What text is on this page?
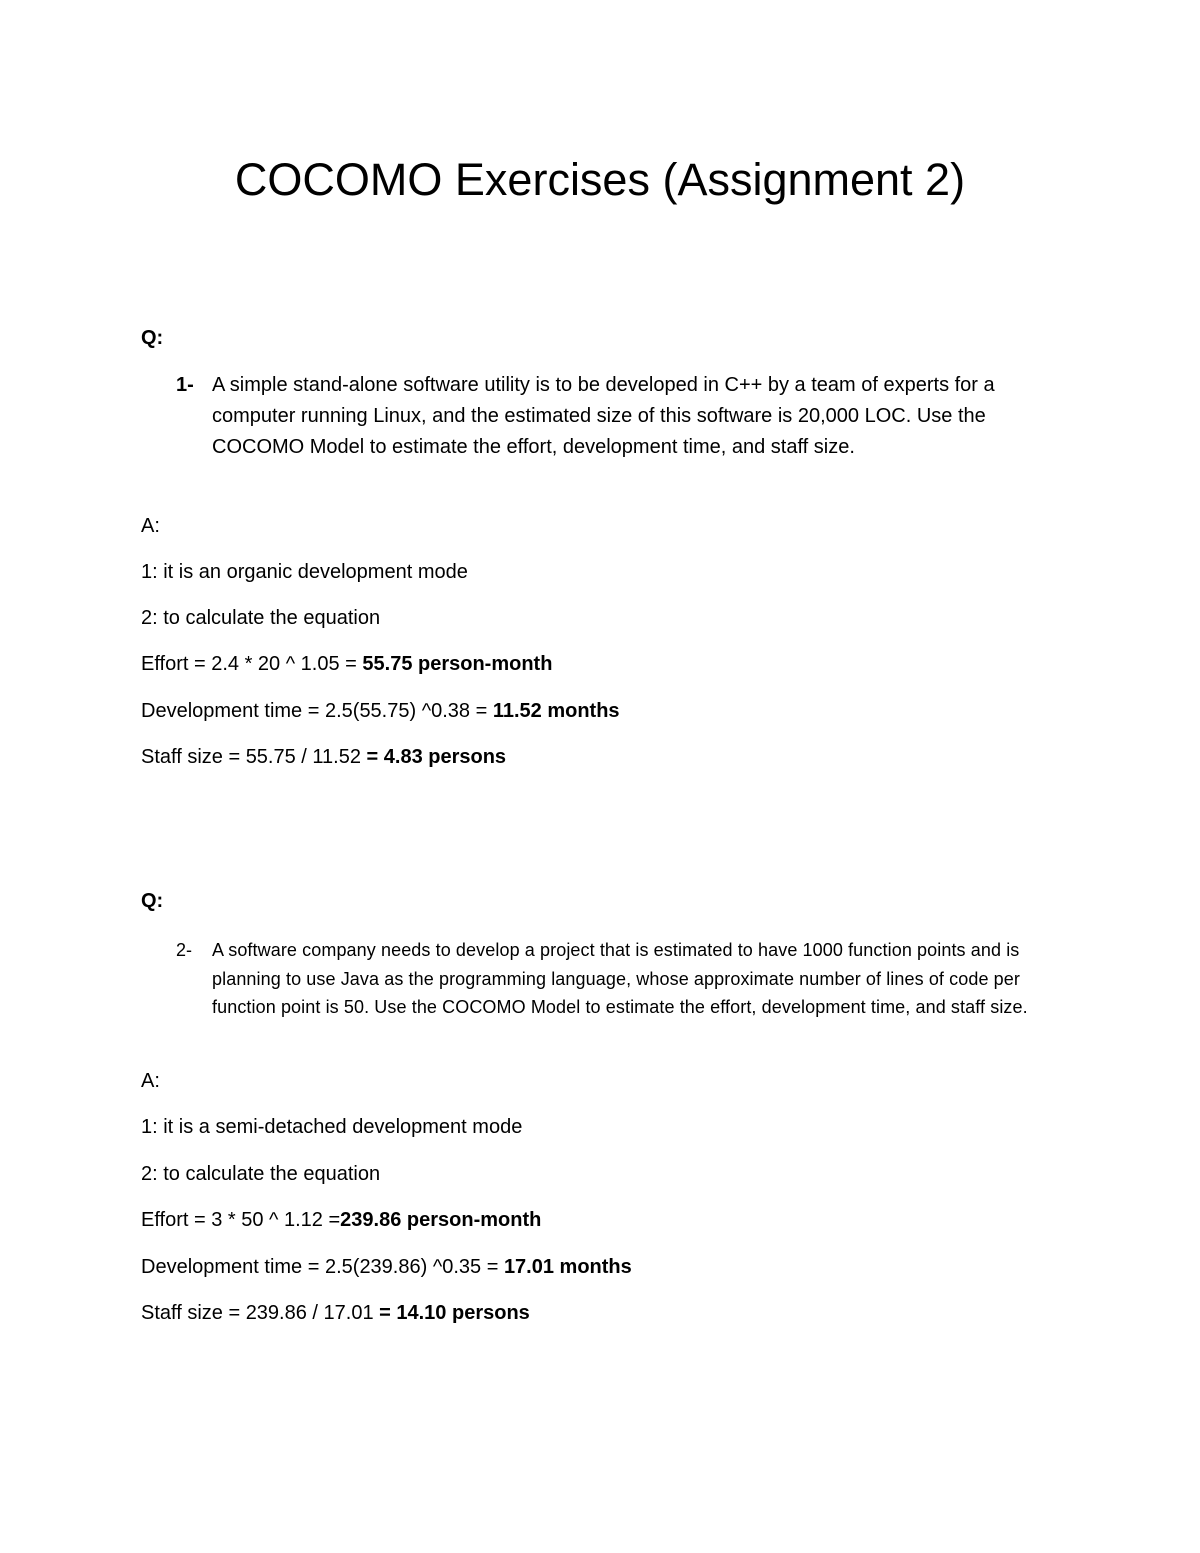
COCOMO Exercises (Assignment 2)
Q:
1- A simple stand-alone software utility is to be developed in C++ by a team of experts for a computer running Linux, and the estimated size of this software is 20,000 LOC. Use the COCOMO Model to estimate the effort, development time, and staff size.
A:
1: it is an organic development mode
2: to calculate the equation
Effort = 2.4 * 20 ^ 1.05 = 55.75 person-month
Development time = 2.5(55.75) ^0.38 = 11.52 months
Staff size = 55.75 / 11.52 = 4.83 persons
Q:
2-	A software company needs to develop a project that is estimated to have 1000 function points and is planning to use Java as the programming language, whose approximate number of lines of code per function point is 50. Use the COCOMO Model to estimate the effort, development time, and staff size.
A:
1: it is a semi-detached development mode
2: to calculate the equation
Effort = 3 * 50 ^ 1.12 =239.86 person-month
Development time = 2.5(239.86) ^0.35 = 17.01 months
Staff size = 239.86 / 17.01 = 14.10 persons
